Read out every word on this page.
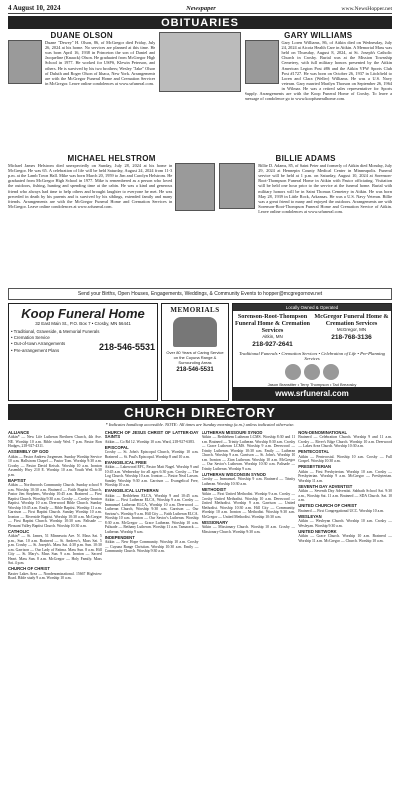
4 August 10, 2024	Newspaper	www.NewsHopper.net
OBITUARIES
DUANE OLSON
Duane "Dewey" H. Olson, 86, of McGregor died Friday, July 26, 2024 at his home. No services are planned at this time. He was born April 16, 1938 in Princeton the son of Daniel and Jacqueline (Knaack) Olson. He graduated from McGregor High School in 1977. He worked for USPS, Klewin Peterson, and others. He is survived by his two brothers; Wesley "Jake" Olson of Duluth and Roger Olson of Ithaca, New York. Arrangements are with the McGregor Funeral Home and Cremation Services in McGregor. Leave online condolences at www.srfuneral.com.
GARY WILLIAMS
Gary Loren Williams, 86, of Aitkin died on Wednesday, July 24, 2024 at Aicota Health Care in Aitkin. A Memorial Mass was held on Thursday, August 8, 2024, at St. Joseph's Catholic Church in Crosby. Burial was at the Mission Township Cemetery, with full military honors presented by the Aitkin American Legion Post #86 and the Aitkin VFW Sports Club Post #1727. He was born on October 26, 1937 in Litchfield to Loren and Clara (Weller) Williams. He was a U.S. Navy veteran. Gary married Marilyn Thorson on September 26, 1964 in Wilmar. He was a retired sales representative for Sports Supply. Arrangements are with the Koop Funeral Home of Crosby. To leave a message of condolence go to www.koopfuneralhome.com.
MICHAEL HELSTROM
Michael James Helstrom died unexpectedly on Sunday, July 28, 2024 at his home in McGregor. He was 65. A celebration of life will be held Saturday, August 24, 2024 from 11-3 p.m. at the Lamb Town Hall. Mike was born March 20, 1959 to Jim and Carolyn Helstrom. He graduated from McGregor High School in 1977. Mike is remembered as a person who loved the outdoors, fishing, hunting and spending time at the cabin. He was a kind and generous friend who always had time to help others and brought laughter to everyone he met. He was preceded in death by his parents and is survived by his siblings, extended family and many friends. Arrangements are with the McGregor Funeral Home and Cremation Services in McGregor. Leave online condolences at www.srfuneral.com.
BILLIE ADAMS
Billie D. Adams, 85, of Saint Peter and formerly of Aitkin died Monday, July 29, 2024 at Hennepin County Medical Center in Minneapolis. Funeral service will be held at 1 p.m. on Saturday, August 10, 2024 at Sorenson-Root-Thompson Funeral Home in Aitkin with Pastor officiating. Visitation will be held one hour prior to the service at the funeral home. Burial with military honors will be in Saint Thomas Cemetery in Aitkin. He was born May 28, 1939 in Little Rock, Arkansas. He was a U.S. Navy Veteran. Billie was a great friend to many and enjoyed the outdoors. Arrangements are with Sorenson-Root-Thompson Funeral Home and Cremation Service of Aitkin. Leave online condolences at www.srfuneral.com.
Send your Births, Open Houses, Engagements, Weddings, & Community Events to hopper@mcgregornow.net
Koop Funeral Home
32 East Main St., P.O. Box 7 • Crosby, MN 56441
• Traditional, Graveside, & Memorial Funerals
• Cremation Service
• Out-of-town Arrangements
• Pre-arrangement Plans	218-546-5531
MEMORIALS
Over 80 Years of Caring Service on the Cuyuna Range & Surrounding Areas
218-546-5531
Locally Owned & Operated
Sorenson-Root-Thompson Funeral Home & Cremation Services
Aitkin, MN
218-927-2641
McGregor Funeral Home & Cremation Services
McGregor, MN
218-768-3136
Traditional Funerals • Cremation Services • Celebration of Life • Pre-Planning Services
Jason Branstiter • Terry Thompson • Tad Brezosky
www.srfuneral.com
CHURCH DIRECTORY
* Indicates handicap accessible. NOTE: All times are Sunday morning (a.m.) unless indicated otherwise.
ALLIANCE
Aitkin* — New Life Lutheran Brethren Church, 4th Ave. NE. Worship 10 a.m. Bible study Wed. 7 p.m. Pastor Ron Hodges, 218-927-4311.
ASSEMBLY OF GOD
Aitkin — Pastor Andrew Jorgensen. Sunday Worship Service 10 a.m. Hallstrom Chapel — Pastor Tom. Worship 9:30 a.m. Crosby — Pastor David Keisch. Worship 10 a.m. Ironton Assembly Hwy 210 E. Worship 10 a.m. Youth Wed. 6:30 p.m.
BAPTIST
Aitkin — Northwoods Community Church. Sunday school 9 a.m. Worship 10:30 a.m. Brainerd — Faith Baptist Church, Pastor Jim Stephens, Worship 10:45 a.m. Brainerd — First Baptist Church. Worship 9:30 a.m. Crosby — Crosby-Ironton Baptist. Worship 10 a.m. Deerwood Bible Church. Sunday Worship 10:45 a.m. Emily — Bible Baptist. Worship 11 a.m. Garrison — First Baptist Church. Sunday Worship 10 a.m. Ironton — Riverside Baptist. Worship 10:30 a.m. McGregor — First Baptist Church. Worship 10:30 a.m. Palisade — Pleasant Valley Baptist Church. Worship 10:30 a.m.
CATHOLIC
Aitkin* — St. James, 51 Minnesota Ave. N. Mass Sat. 5 p.m., Sun. 10 a.m. Brainerd — St. Andrew's, Mass Sat. 5 p.m. Crosby — St. Joseph's. Mass Sat. 4:30 p.m. Sun. 10:30 a.m. Garrison — Our Lady of Fatima. Mass Sun. 8 a.m. Hill City — St. Mary's. Mass Sun. 9 a.m. Ironton — Sacred Heart. Mass Sun. 8 a.m. McGregor — Holy Family. Mass Sat. 4 p.m.
CHURCH OF CHRIST
Baxter Lakes Area — Nondenominational. 15667 Highview Road. Bible study 9 a.m. Worship 10 a.m.
CHURCH OF JESUS CHRIST OF LATTER-DAY SAINTS
Aitkin — Co Rd 12. Worship 10 a.m. Ward, 218-927-6383.
EPISCOPAL
Crosby — St. John's Episcopal Church, Worship 10 a.m. Brainerd — St. Paul's Episcopal. Worship 8 and 10 a.m.
EVANGELICAL FREE
Aitkin — Lakewood EFC, Pastor Matt Nagel. Worship 9 and 10:45 a.m. Wednesday for all ages 6:30 p.m. Crosby — The Log Church. Worship 10 a.m. Ironton — Pastor Neal Larson. Sunday Worship 9:30 a.m. Garrison — Evangelical Free, Worship 10 a.m.
EVANGELICAL LUTHERAN
Aitkin — Bethlehem ELCA, Worship 9 and 10:45 a.m. Aitkin — First Lutheran ELCA, Worship 9 a.m. Crosby — Immanuel Lutheran ELCA, Worship 10 a.m. Deerwood — Lutheran Church, Worship 9:30 a.m. Garrison — Our Saviour's. Worship 9 a.m. Hill City — Faith Lutheran ELCA. Worship 10 a.m. Ironton — Our Savior's Lutheran. Worship 8:30 a.m. McGregor — Grace Lutheran. Worship 10 a.m. Palisade — Bethany Lutheran. Worship 11 a.m. Tamarack — Lutheran. Worship 9 a.m.
INDEPENDENT
Aitkin — New Hope Community. Worship 10 a.m. Crosby — Cuyuna Range Christian. Worship 10:30 a.m. Emily — Community Church. Worship 9:30 a.m.
LUTHERAN MISSOURI SYNOD
Aitkin — Bethlehem Lutheran LCMS. Worship 8:30 and 11 a.m. Brainerd — Trinity Lutheran. Worship 8:30 a.m. Crosby — Grace Lutheran LCMS. Worship 9 a.m. Deerwood — Trinity Lutheran. Worship 10:30 a.m. Emily — Lutheran Church. Worship 9 a.m. Garrison — St. John's. Worship 10 a.m. Ironton — Zion Lutheran. Worship 10 a.m. McGregor — Our Savior's Lutheran. Worship 10:30 a.m. Palisade — Trinity Lutheran. Worship 9 a.m.
LUTHERAN WISCONSIN SYNOD
Crosby — Immanuel. Worship 9 a.m. Brainerd — Trinity Lutheran. Worship 10:30 a.m.
METHODIST
Aitkin — First United Methodist. Worship 9 a.m. Crosby — Crosby United Methodist. Worship 10 a.m. Deerwood — United Methodist. Worship 9 a.m. Garrison — United Methodist. Worship 10:30 a.m. Hill City — Community. Worship 10 a.m. Ironton — Methodist. Worship 9:30 a.m. McGregor — United Methodist. Worship 10:30 a.m.
MISSIONARY
Aitkin — Missionary Church. Worship 10 a.m. Crosby — Missionary Church. Worship 9:30 a.m.
NON-DENOMINATIONAL
Brainerd — Celebration Church. Worship 9 and 11 a.m. Crosby — River's Edge Church. Worship 10 a.m. Deerwood — Lakes Area Church. Worship 10:30 a.m.
PENTECOSTAL
Aitkin — Pentecostal. Worship 10 a.m. Crosby — Full Gospel. Worship 10:30 a.m.
PRESBYTERIAN
Aitkin — First Presbyterian. Worship 10 a.m. Crosby — Presbyterian. Worship 9 a.m. McGregor — Presbyterian. Worship 11 a.m.
SEVENTH DAY ADVENTIST
Aitkin — Seventh Day Adventist. Sabbath School Sat. 9:30 a.m., Worship Sat. 11 a.m. Brainerd — SDA Church. Sat. 10 a.m.
UNITED CHURCH OF CHRIST
Brainerd — First Congregational UCC. Worship 10 a.m.
WESLEYAN
Aitkin — Wesleyan Church. Worship 10 a.m. Crosby — Wesleyan. Worship 9:30 a.m.
UNITED NETWORK
Aitkin — Grace Church. Worship 10 a.m. Brainerd — Worship 11 a.m. McGregor — Church. Worship 10 a.m.
